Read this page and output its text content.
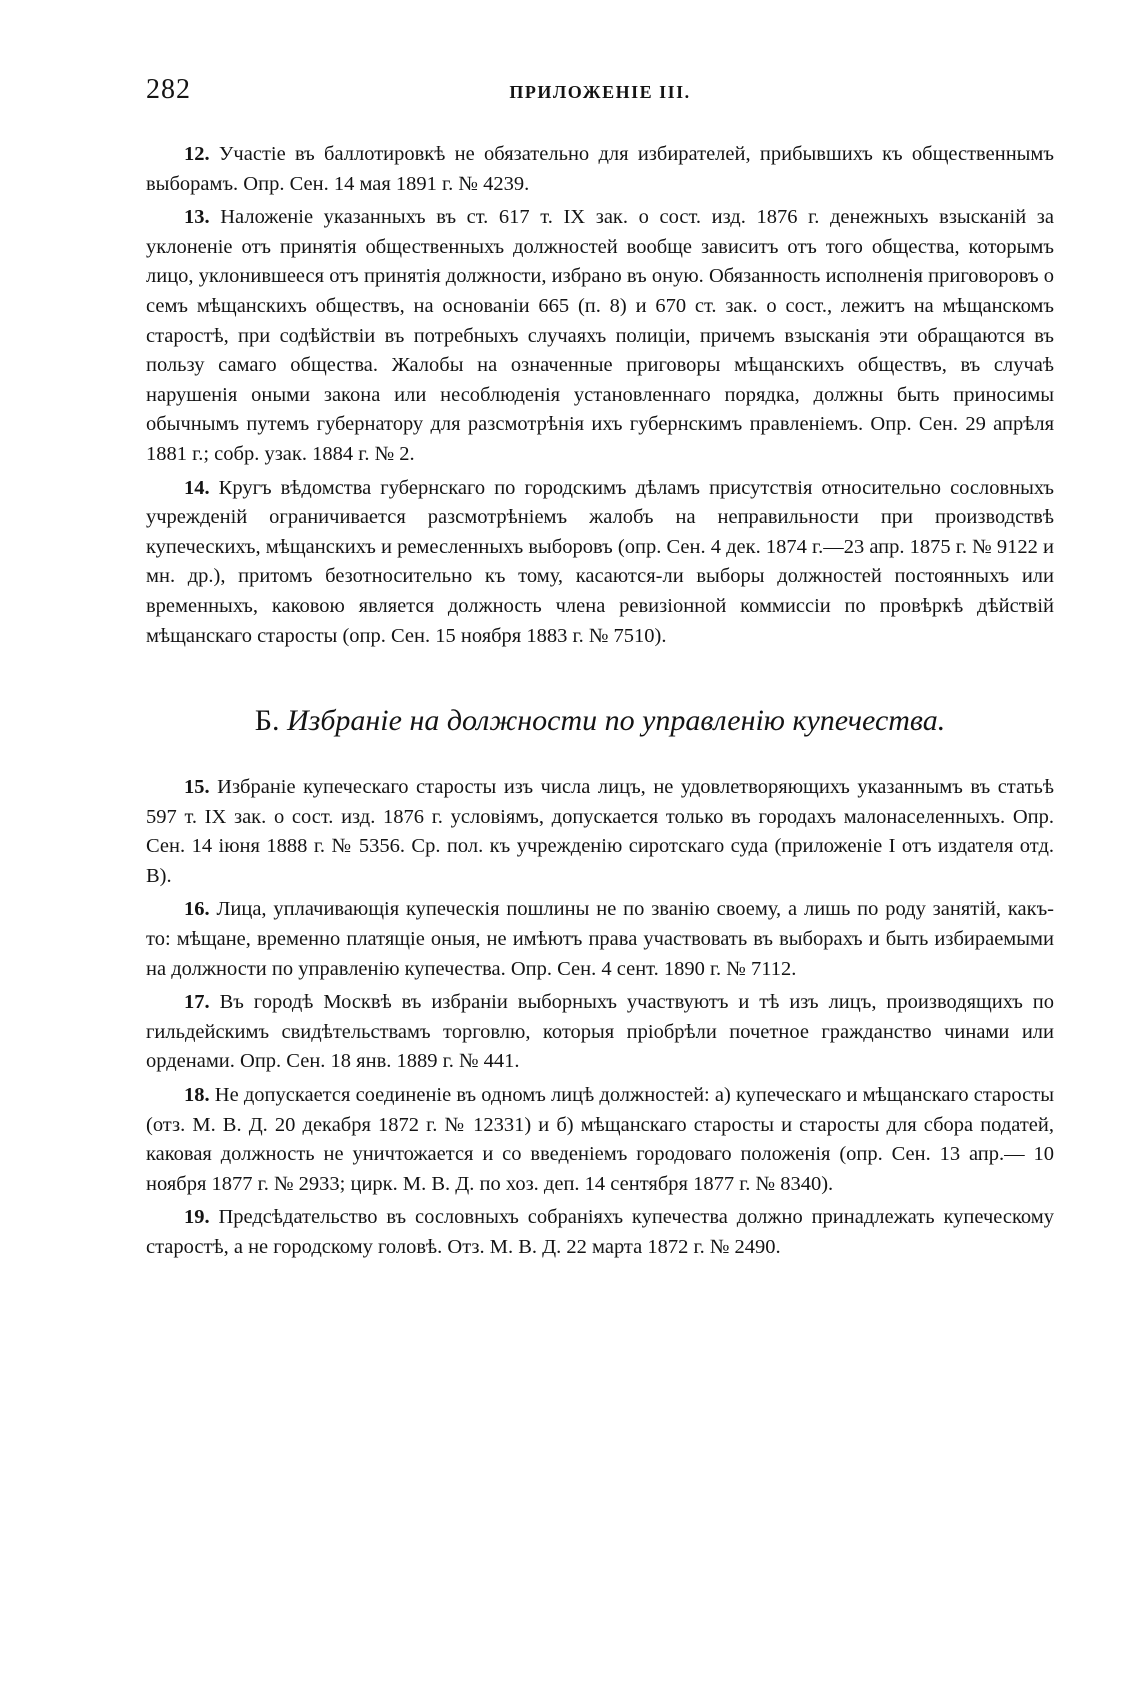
282	ПРИЛОЖЕНІЕ III.

12. Участіе въ баллотировкѣ не обязательно для избирателей, прибывшихъ къ общественнымъ выборамъ. Опр. Сен. 14 мая 1891 г. № 4239.

13. Наложеніе указанныхъ въ ст. 617 т. IX зак. о сост. изд. 1876 г. денежныхъ взысканій за уклоненіе отъ принятія общественныхъ должностей вообще зависитъ отъ того общества, которымъ лицо, уклонившееся отъ принятія должности, избрано въ оную. Обязанность исполненія приговоровъ о семъ мѣщанскихъ обществъ, на основаніи 665 (п. 8) и 670 ст. зак. о сост., лежитъ на мѣщанскомъ старостѣ, при содѣйствіи въ потребныхъ случаяхъ полиціи, причемъ взысканія эти обращаются въ пользу самаго общества. Жалобы на означенные приговоры мѣщанскихъ обществъ, въ случаѣ нарушенія оными закона или несоблюденія установленнаго порядка, должны быть приносимы обычнымъ путемъ губернатору для разсмотрѣнія ихъ губернскимъ правленіемъ. Опр. Сен. 29 апрѣля 1881 г.; собр. узак. 1884 г. № 2.

14. Кругъ вѣдомства губернскаго по городскимъ дѣламъ присутствія относительно сословныхъ учрежденій ограничивается разсмотрѣніемъ жалобъ на неправильности при производствѣ купеческихъ, мѣщанскихъ и ремесленныхъ выборовъ (опр. Сен. 4 дек. 1874 г.—23 апр. 1875 г. № 9122 и мн. др.), притомъ безотносительно къ тому, касаются-ли выборы должностей постоянныхъ или временныхъ, каковою является должность члена ревизіонной коммиссіи по провѣркѣ дѣйствій мѣщанскаго старосты (опр. Сен. 15 ноября 1883 г. № 7510).

Б. Избраніе на должности по управленію купечества.

15. Избраніе купеческаго старосты изъ числа лицъ, не удовлетворяющихъ указаннымъ въ статьѣ 597 т. IX зак. о сост. изд. 1876 г. условіямъ, допускается только въ городахъ малонаселенныхъ. Опр. Сен. 14 іюня 1888 г. № 5356. Ср. пол. къ учрежденію сиротскаго суда (приложеніе I отъ издателя отд. В).

16. Лица, уплачивающія купеческія пошлины не по званію своему, а лишь по роду занятій, какъ-то: мѣщане, временно платящіе оныя, не имѣютъ права участвовать въ выборахъ и быть избираемыми на должности по управленію купечества. Опр. Сен. 4 сент. 1890 г. № 7112.

17. Въ городѣ Москвѣ въ избраніи выборныхъ участвуютъ и тѣ изъ лицъ, производящихъ по гильдейскимъ свидѣтельствамъ торговлю, которыя пріобрѣли почетное гражданство чинами или орденами. Опр. Сен. 18 янв. 1889 г. № 441.

18. Не допускается соединеніе въ одномъ лицѣ должностей: а) купеческаго и мѣщанскаго старосты (отз. М. В. Д. 20 декабря 1872 г. № 12331) и б) мѣщанскаго старосты и старосты для сбора податей, каковая должность не уничтожается и со введеніемъ городоваго положенія (опр. Сен. 13 апр.— 10 ноября 1877 г. № 2933; цирк. М. В. Д. по хоз. деп. 14 сентября 1877 г. № 8340).

19. Предсѣдательство въ сословныхъ собраніяхъ купечества должно принадлежать купеческому старостѣ, а не городскому головѣ. Отз. М. В. Д. 22 марта 1872 г. № 2490.
